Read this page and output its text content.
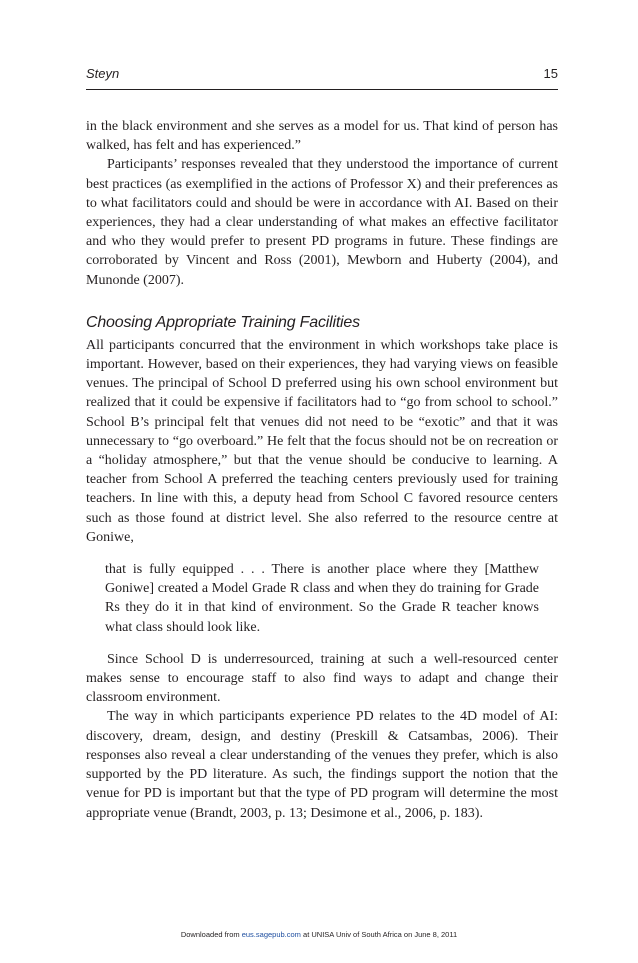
Steyn	15

in the black environment and she serves as a model for us. That kind of person has walked, has felt and has experienced.”

Participants’ responses revealed that they understood the importance of current best practices (as exemplified in the actions of Professor X) and their preferences as to what facilitators could and should be were in accordance with AI. Based on their experiences, they had a clear understanding of what makes an effective facilitator and who they would prefer to present PD programs in future. These findings are corroborated by Vincent and Ross (2001), Mewborn and Huberty (2004), and Munonde (2007).

Choosing Appropriate Training Facilities

All participants concurred that the environment in which workshops take place is important. However, based on their experiences, they had varying views on feasible venues. The principal of School D preferred using his own school environment but realized that it could be expensive if facilitators had to “go from school to school.” School B’s principal felt that venues did not need to be “exotic” and that it was unnecessary to “go overboard.” He felt that the focus should not be on recreation or a “holiday atmosphere,” but that the venue should be conducive to learning. A teacher from School A preferred the teaching centers previously used for training teachers. In line with this, a deputy head from School C favored resource centers such as those found at district level. She also referred to the resource centre at Goniwe,

that is fully equipped . . . There is another place where they [Matthew Goniwe] created a Model Grade R class and when they do training for Grade Rs they do it in that kind of environment. So the Grade R teacher knows what class should look like.

Since School D is underresourced, training at such a well-resourced center makes sense to encourage staff to also find ways to adapt and change their classroom environment.

The way in which participants experience PD relates to the 4D model of AI: discovery, dream, design, and destiny (Preskill & Catsambas, 2006). Their responses also reveal a clear understanding of the venues they prefer, which is also supported by the PD literature. As such, the findings support the notion that the venue for PD is important but that the type of PD program will determine the most appropriate venue (Brandt, 2003, p. 13; Desimone et al., 2006, p. 183).

Downloaded from eus.sagepub.com at UNISA Univ of South Africa on June 8, 2011
